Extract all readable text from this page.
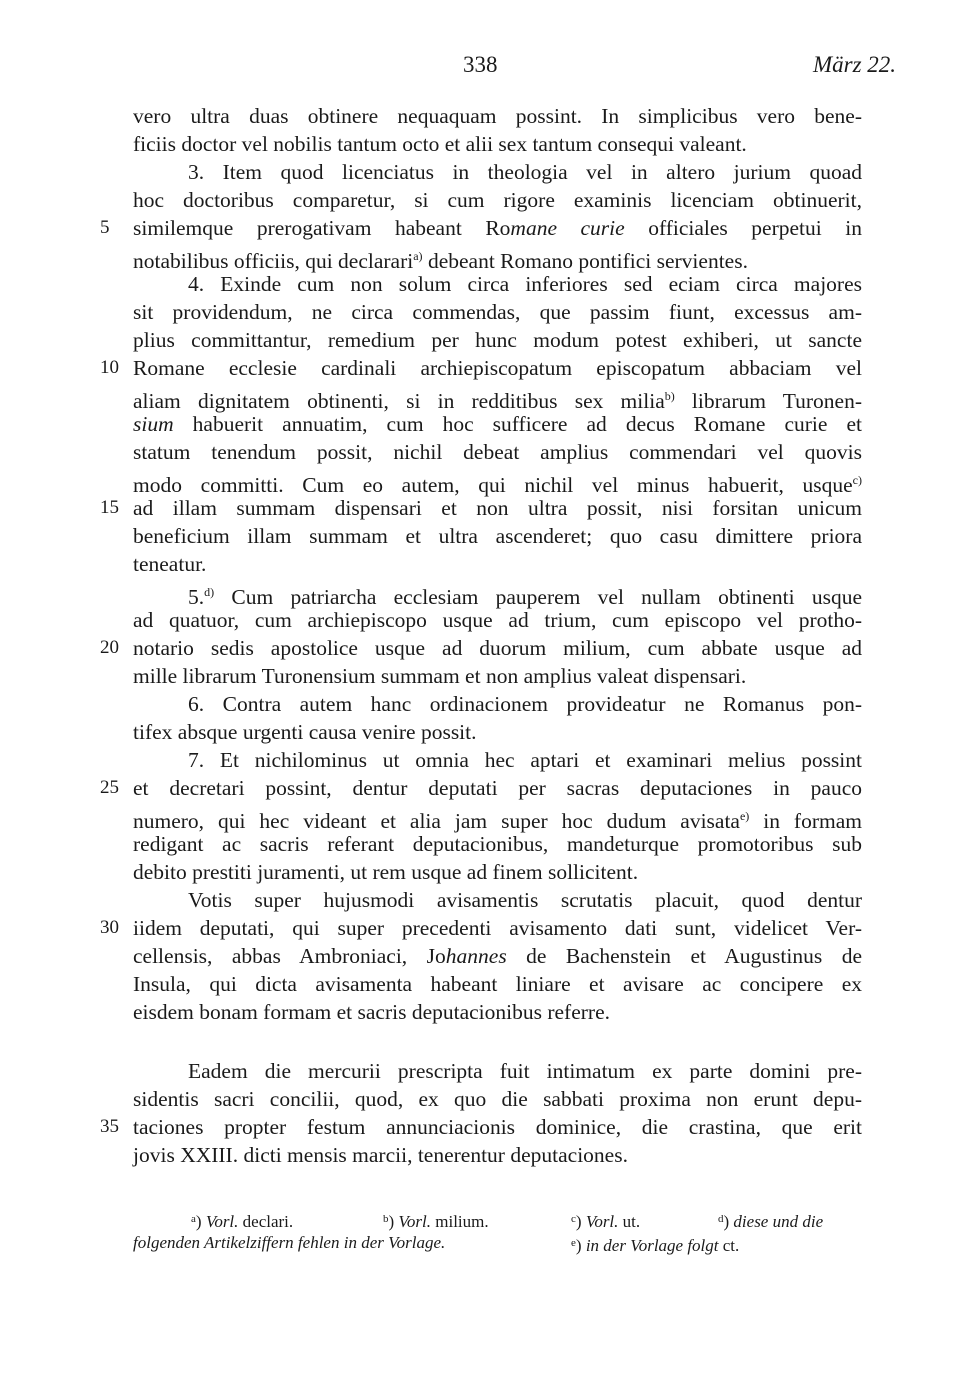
338	März 22.
vero ultra duas obtinere nequaquam possint. In simplicibus vero bene-
ficiis doctor vel nobilis tantum octo et alii sex tantum consequi valeant.
3. Item quod licenciatus in theologia vel in altero jurium quoad
hoc doctoribus comparetur, si cum rigore examinis licenciam obtinuerit,
similemque prerogativam habeant Romane curie officiales perpetui in
notabilibus officiis, qui declarari$^{a)}$ debeant Romano pontifici servientes.
4. Exinde cum non solum circa inferiores sed eciam circa majores
sit providendum, ne circa commendas, que passim fiunt, excessus am-
plius committantur, remedium per hunc modum potest exhiberi, ut sancte
Romane ecclesie cardinali archiepiscopatum episcopatum abbaciam vel
aliam dignitatem obtinenti, si in redditibus sex milia$^{b)}$ librarum Turonen-
sium habuerit annuatim, cum hoc sufficere ad decus Romane curie et
statum tenendum possit, nichil debeat amplius commendari vel quovis
modo committi. Cum eo autem, qui nichil vel minus habuerit, usque$^{c)}$
ad illam summam dispensari et non ultra possit, nisi forsitan unicum
beneficium illam summam et ultra ascenderet; quo casu dimittere priora
teneatur.
5.$^{d)}$ Cum patriarcha ecclesiam pauperem vel nullam obtinenti usque
ad quatuor, cum archiepiscopo usque ad trium, cum episcopo vel protho-
notario sedis apostolice usque ad duorum milium, cum abbate usque ad
mille librarum Turonensium summam et non amplius valeat dispensari.
6. Contra autem hanc ordinacionem provideatur ne Romanus pon-
tifex absque urgenti causa venire possit.
7. Et nichilominus ut omnia hec aptari et examinari melius possint
et decretari possint, dentur deputati per sacras deputaciones in pauco
numero, qui hec videant et alia jam super hoc dudum avisata$^{e)}$ in formam
redigant ac sacris referant deputacionibus, mandeturque promotoribus sub
debito prestiti juramenti, ut rem usque ad finem sollicitent.
Votis super hujusmodi avisamentis scrutatis placuit, quod dentur
iidem deputati, qui super precedenti avisamento dati sunt, videlicet Ver-
cellensis, abbas Ambroniaci, Johannes de Bachenstein et Augustinus de
Insula, qui dicta avisamenta habeant liniare et avisare ac concipere ex
eisdem bonam formam et sacris deputacionibus referre.
Eadem die mercurii prescripta fuit intimatum ex parte domini pre-
sidentis sacri concilii, quod, ex quo die sabbati proxima non erunt depu-
taciones propter festum annunciacionis dominice, die crastina, que erit
jovis XXIII. dicti mensis marcii, tenerentur deputaciones.
5
10
15
20
25
30
35
$^a$) Vorl. declari.	$^b$) Vorl. milium.	$^c$) Vorl. ut.	$^d$) diese und die
folgenden Artikelziffern fehlen in der Vorlage.	$^e$) in der Vorlage folgt ct.
